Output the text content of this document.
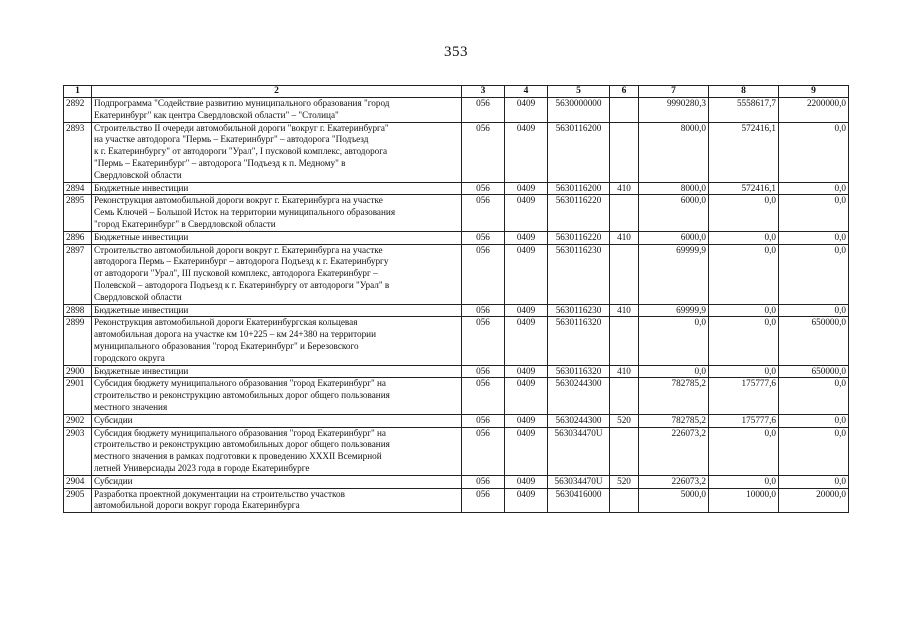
353
1	2	3	4	5	6	7	8	9
2892	Подпрограмма "Содействие развитию муниципального образования "город
Екатеринбург" как центра Свердловской области" – "Столица"	056	0409	5630000000		9990280,3	5558617,7	2200000,0
2893	Строительство II очереди автомобильной дороги "вокруг г. Екатеринбурга"
на участке автодорога "Пермь – Екатеринбург" – автодорога "Подъезд
к г. Екатеринбургу" от автодороги "Урал", I пусковой комплекс, автодорога
"Пермь – Екатеринбург" – автодорога "Подъезд к п. Медному" в
Свердловской области	056	0409	5630116200		8000,0	572416,1	0,0
2894	Бюджетные инвестиции	056	0409	5630116200	410	8000,0	572416,1	0,0
2895	Реконструкция автомобильной дороги вокруг г. Екатеринбурга на участке
Семь Ключей – Большой Исток на территории муниципального образования
"город Екатеринбург" в Свердловской области	056	0409	5630116220		6000,0	0,0	0,0
2896	Бюджетные инвестиции	056	0409	5630116220	410	6000,0	0,0	0,0
2897	Строительство автомобильной дороги вокруг г. Екатеринбурга на участке
автодорога Пермь – Екатеринбург – автодорога Подъезд к г. Екатеринбургу
от автодороги "Урал", III пусковой комплекс, автодорога Екатеринбург –
Полевской – автодорога Подъезд к г. Екатеринбургу от автодороги "Урал" в
Свердловской области	056	0409	5630116230		69999,9	0,0	0,0
2898	Бюджетные инвестиции	056	0409	5630116230	410	69999,9	0,0	0,0
2899	Реконструкция автомобильной дороги Екатеринбургская кольцевая
автомобильная дорога на участке км 10+225 – км 24+380 на территории
муниципального образования "город Екатеринбург" и Березовского
городского округа	056	0409	5630116320		0,0	0,0	650000,0
2900	Бюджетные инвестиции	056	0409	5630116320	410	0,0	0,0	650000,0
2901	Субсидия бюджету муниципального образования "город Екатеринбург" на
строительство и реконструкцию автомобильных дорог общего пользования
местного значения	056	0409	5630244300		782785,2	175777,6	0,0
2902	Субсидии	056	0409	5630244300	520	782785,2	175777,6	0,0
2903	Субсидия бюджету муниципального образования "город Екатеринбург" на
строительство и реконструкцию автомобильных дорог общего пользования
местного значения в рамках подготовки к проведению XXXII Всемирной
летней Универсиады 2023 года в городе Екатеринбурге	056	0409	563034470U		226073,2	0,0	0,0
2904	Субсидии	056	0409	563034470U	520	226073,2	0,0	0,0
2905	Разработка проектной документации на строительство участков
автомобильной дороги вокруг города Екатеринбурга	056	0409	5630416000		5000,0	10000,0	20000,0
